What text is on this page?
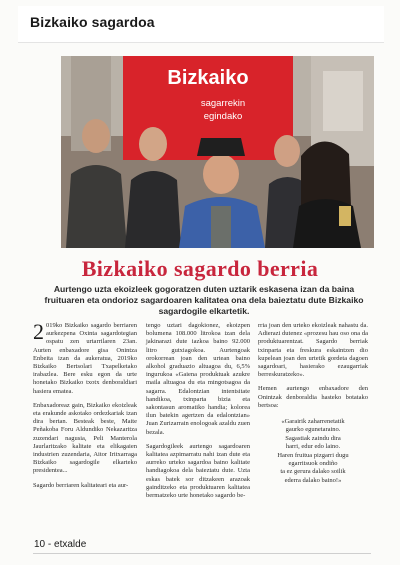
Bizkaiko sagardoa
Bizkaiko
sagarrekin
egindako
Bizkaiko sagardo berria
Aurtengo uzta ekoizleek gogoratzen duten uztarik eskasena izan da baina fruituaren eta ondorioz sagardoaren kalitatea ona dela baieztatu dute Bizkaiko sagardogile elkartetik.

2 019ko Bizkaiko sagardo berriaren aurkezpena Oxinta sagardotegian ospatu zen urtarrilaren 23an. Aurten enbaxadore gisa Onintza Enbeita izan da aukeratua, 2019ko Bizkaiko Bertsolari Txapelketako irabazlea. Bere esku egon da urte honetako Bizkaiko txotx denboraldiari hasiera ematea.

Enbaxadoreaz gain, Bizkaiko ekoizleak eta erakunde askotako ordezkariak izan dira bertan. Besteak beste, Maite Peñakoba Foru Aldundiko Nekazaritza zuzendari nagusia, Peli Manterola Jaurlaritzako kalitate eta elikagaien industrien zuzendaria, Aitor Iritxarraga Bizkaiko sagardogile elkarteko presidentea...

Sagardo berriaren kalitateari eta aur-

tengo uztari dagokionez, ekoizpen bolumena 108.000 litrokoa izan dela jakinarazi dute iazkoa baino 92.000 litro gutxiagokoa. Aurtengoak orokorrean joan den urtean baino alkohol graduazio altuagoa du, 6,5% ingurukoa «Gaiena produktuak azukre maila altuagoa du eta mingotsagoa da sagarra. Edalontzian intentsitate handikoa, txinparta bizia eta sakontasun aromatiko handia; kolorea ilun batekin agertzen da edalontzian» Juan Zurizarrain enologoak azaldu zuen bezala.

Sagardogileek aurtengo sagardoaren kalitatea azpimarratu nahi izan dute eta aurreko urteko sagardoa baino kalitate handiagokoa dela baieztatu dute. Uzta eskas batek sor ditzakeen arazoak gainditzeko eta produktuaren kalitatea bermatzeko urte honetako sagardo be-

rria joan den urteko ekoizleak nahastu da. Adierazi dutenez «prozesu hau oso ona da produktuarentzat. Sagardo berriak txinparta eta freskura eskaintzen dio kupelean joan den urtetik gordeta dagoen sagardoari, hasierako ezaugarriak berreskuratzeko».

Hemen aurtengo enbaxadore den Onintzak denboraldia hasteko botatako bertsoa:

«Garairik zaharrenetatik
gaurko egunetaraino.
Sagastiak zaindu dira
harri, edur edo laino.
Haren fruitua pizgarri dugu
egarritsuok ondiño
ta ez gerura dalako soilik
ederra dalako baino!»
10 - etxalde
